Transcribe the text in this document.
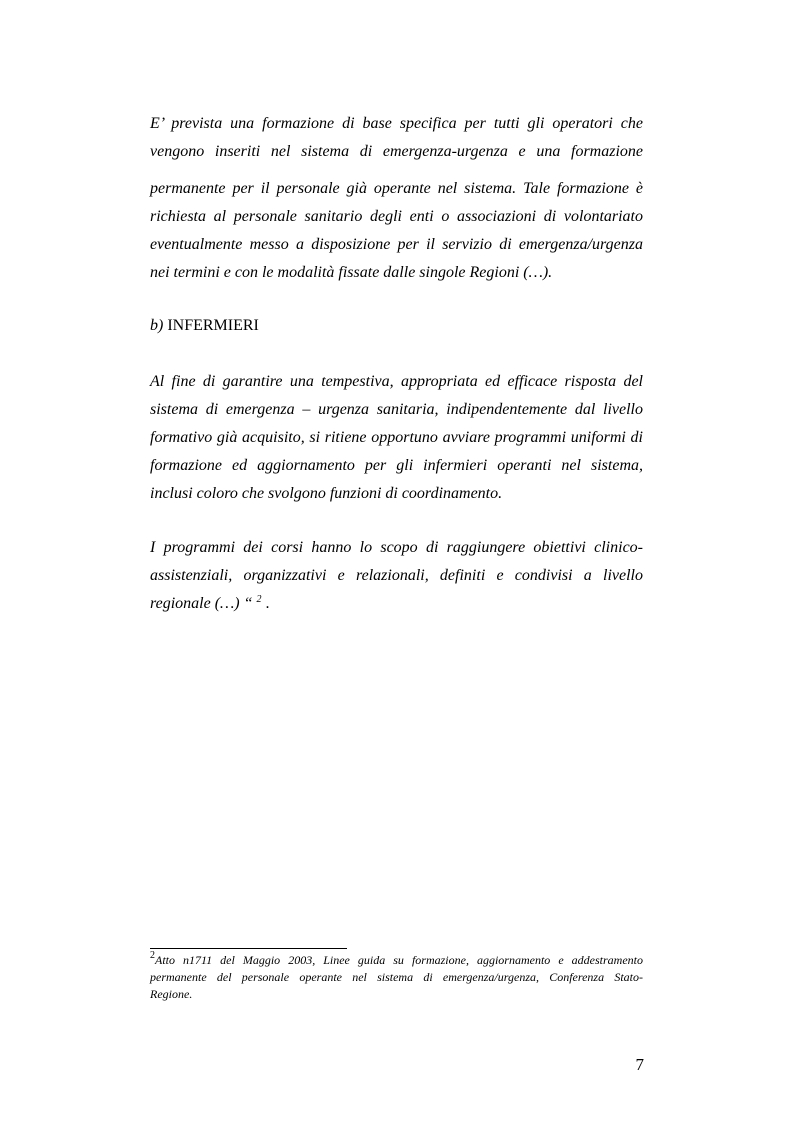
E’ prevista una formazione di base specifica per tutti gli operatori che
vengono inseriti nel sistema di emergenza-urgenza e una formazione
permanente per il personale già operante nel sistema. Tale formazione è
richiesta al personale sanitario degli enti o associazioni di volontariato
eventualmente messo a disposizione per il servizio di emergenza/urgenza
nei termini e con le modalità fissate dalle singole Regioni (…).
b) INFERMIERI
Al fine di garantire una tempestiva, appropriata ed efficace risposta del
sistema di emergenza – urgenza sanitaria, indipendentemente dal livello
formativo già acquisito, si ritiene opportuno avviare programmi uniformi di
formazione ed aggiornamento per gli infermieri operanti nel sistema,
inclusi coloro che svolgono funzioni di coordinamento.
I programmi dei corsi hanno lo scopo di raggiungere obiettivi clinico-
assistenziali, organizzativi e relazionali, definiti e condivisi a livello
regionale (…) “ $^2$ .
$^2$Atto n1711 del Maggio 2003, Linee guida su formazione, aggiornamento e addestramento
permanente del personale operante nel sistema di emergenza/urgenza, Conferenza Stato-
Regione.
7
